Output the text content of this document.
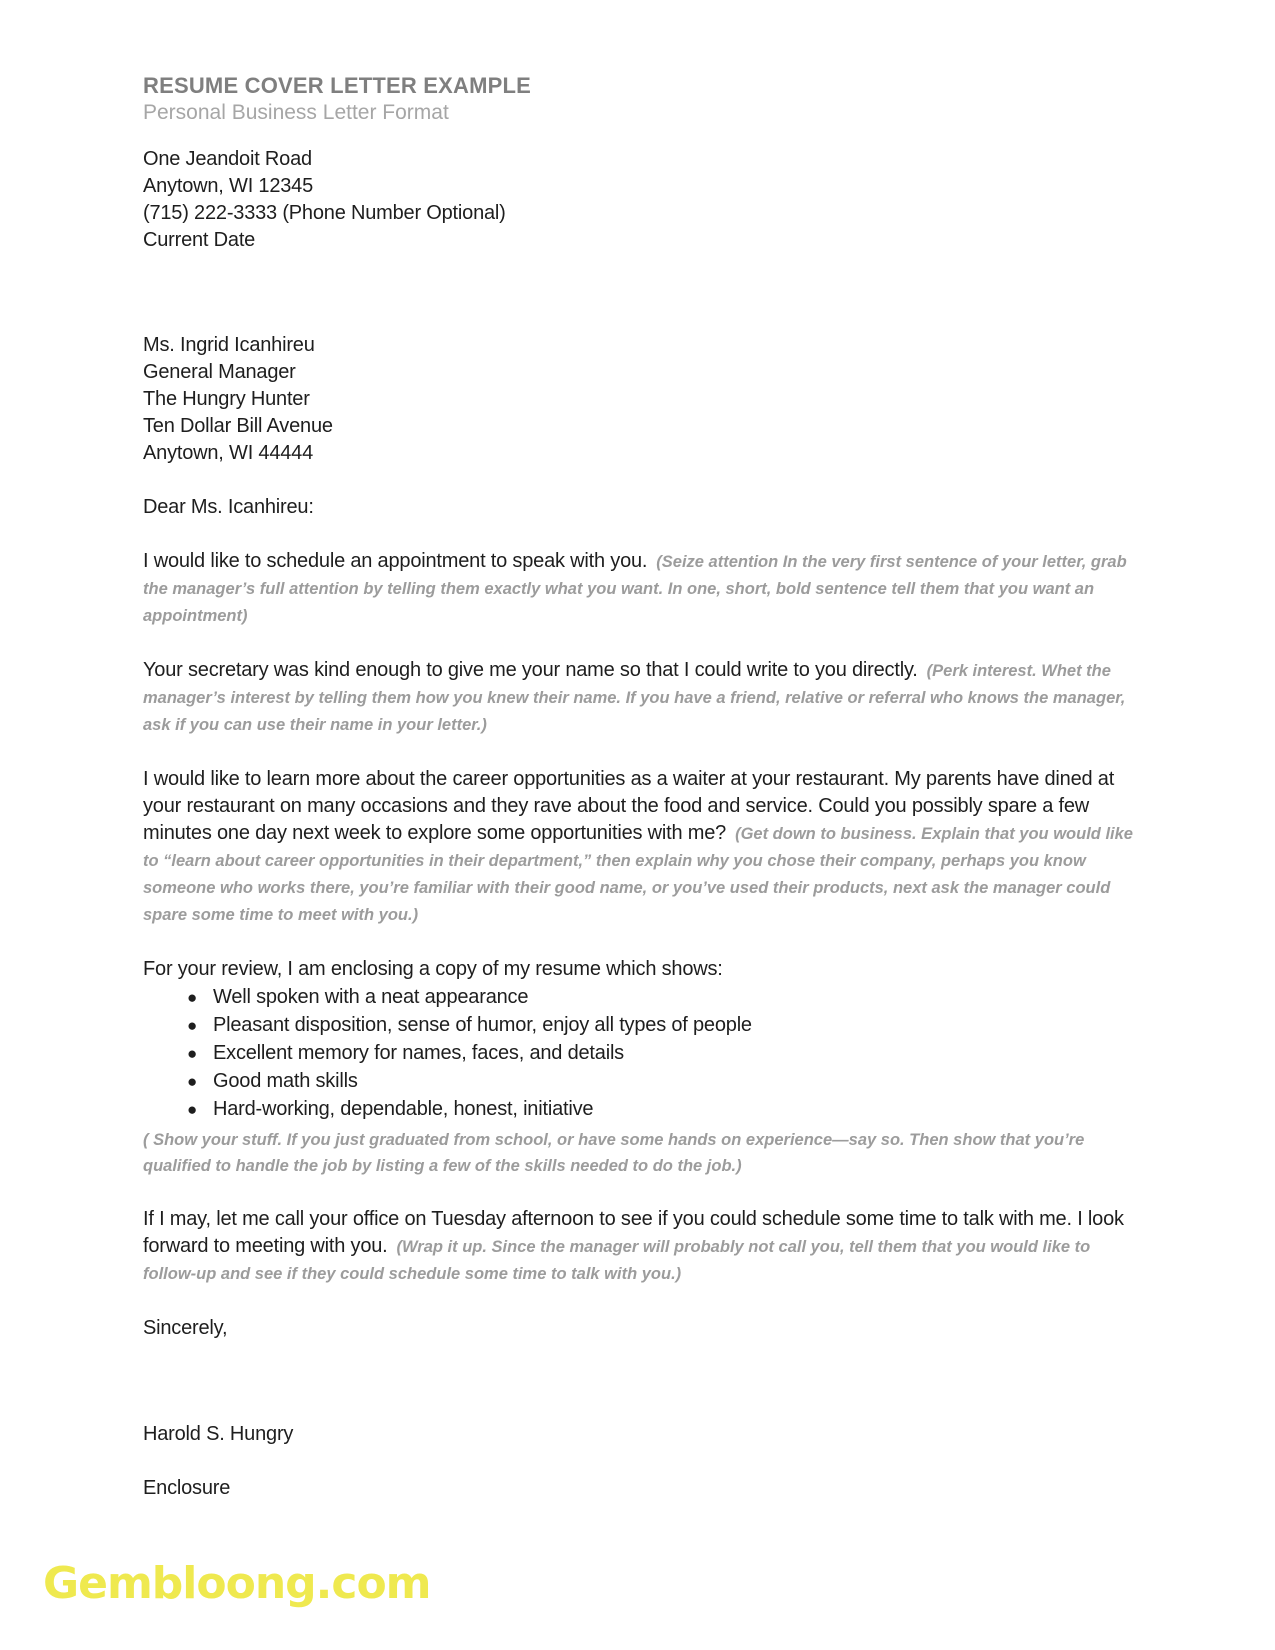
RESUME COVER LETTER EXAMPLE
Personal Business Letter Format
One Jeandoit Road
Anytown, WI 12345
(715) 222-3333 (Phone Number Optional)
Current Date
Ms. Ingrid Icanhireu
General Manager
The Hungry Hunter
Ten Dollar Bill Avenue
Anytown, WI 44444
Dear Ms. Icanhireu:

I would like to schedule an appointment to speak with you. (Seize attention In the very first sentence of your letter, grab the manager’s full attention by telling them exactly what you want. In one, short, bold sentence tell them that you want an appointment)

Your secretary was kind enough to give me your name so that I could write to you directly. (Perk interest. Whet the manager’s interest by telling them how you knew their name. If you have a friend, relative or referral who knows the manager, ask if you can use their name in your letter.)

I would like to learn more about the career opportunities as a waiter at your restaurant. My parents have dined at your restaurant on many occasions and they rave about the food and service. Could you possibly spare a few minutes one day next week to explore some opportunities with me? (Get down to business. Explain that you would like to “learn about career opportunities in their department,” then explain why you chose their company, perhaps you know someone who works there, you’re familiar with their good name, or you’ve used their products, next ask the manager could spare some time to meet with you.)

For your review, I am enclosing a copy of my resume which shows:

● Well spoken with a neat appearance
● Pleasant disposition, sense of humor, enjoy all types of people
● Excellent memory for names, faces, and details
● Good math skills
● Hard-working, dependable, honest, initiative
( Show your stuff. If you just graduated from school, or have some hands on experience—say so. Then show that you’re qualified to handle the job by listing a few of the skills needed to do the job.)

If I may, let me call your office on Tuesday afternoon to see if you could schedule some time to talk with me. I look forward to meeting with you. (Wrap it up. Since the manager will probably not call you, tell them that you would like to follow-up and see if they could schedule some time to talk with you.)

Sincerely,
Harold S. Hungry
Enclosure
Gembloong.com
